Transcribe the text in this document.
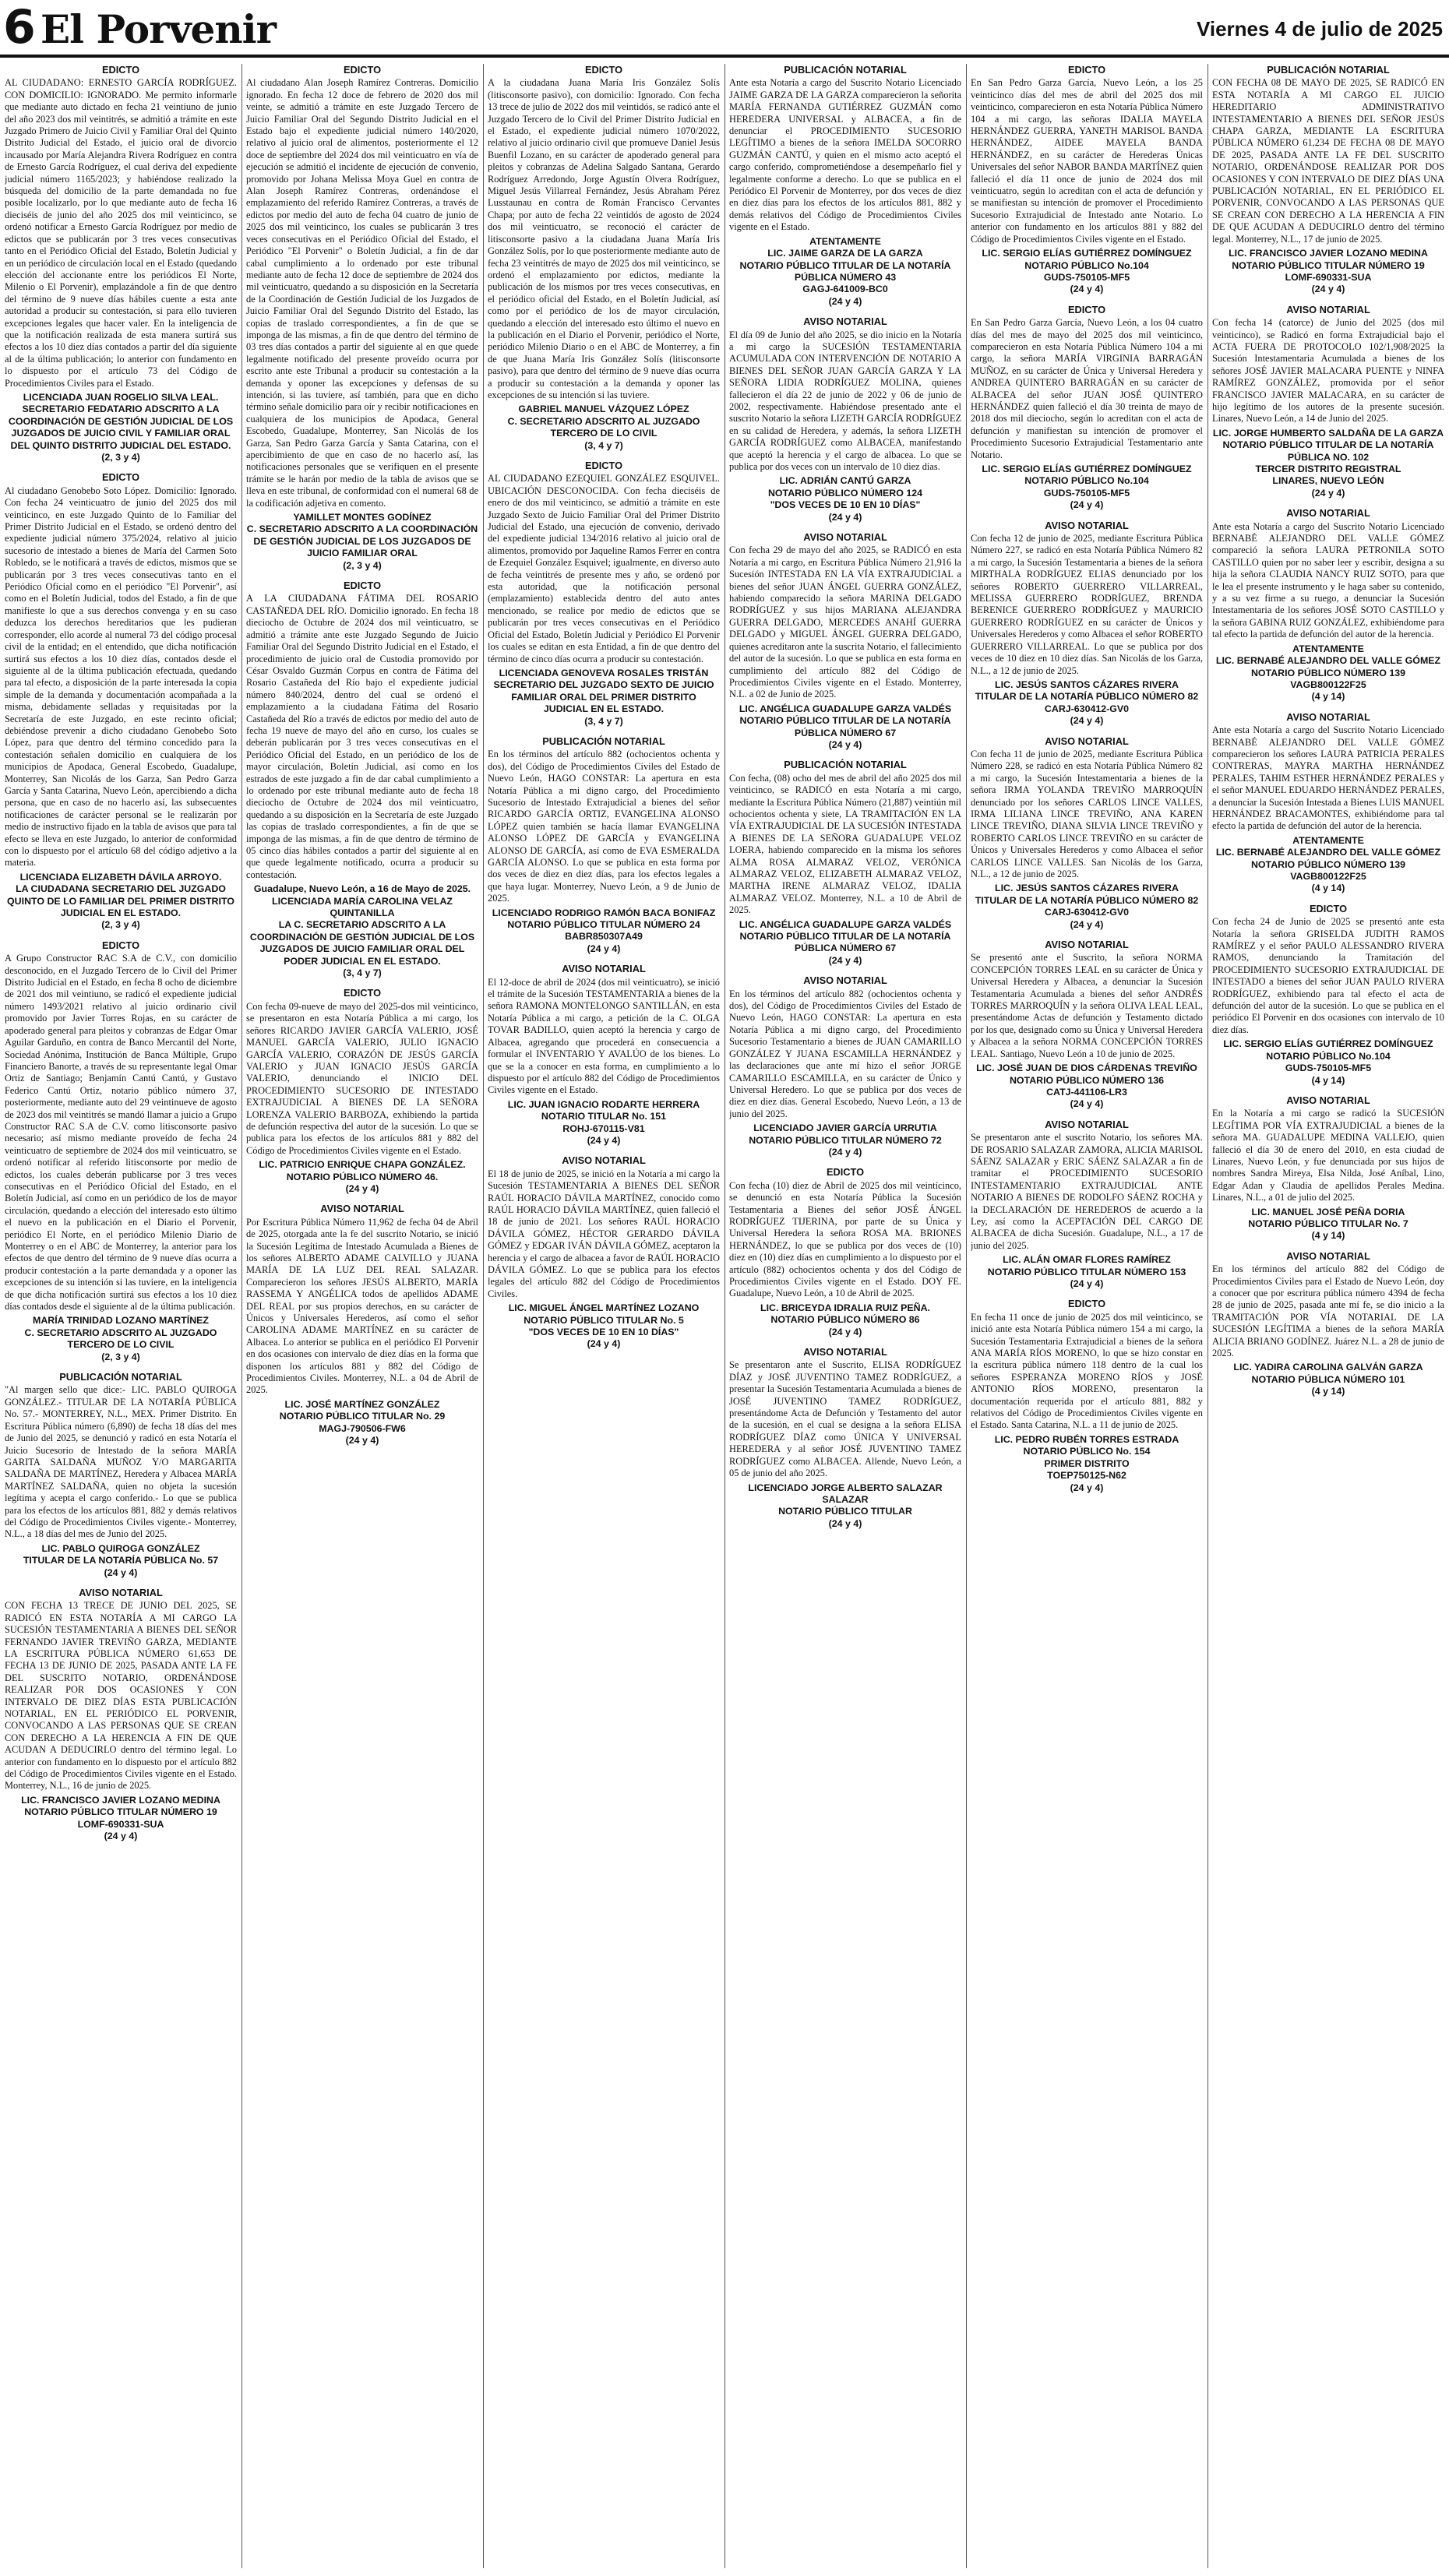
6 El Porvenir	Viernes 4 de julio de 2025

EDICTO

AL CIUDADANO: ERNESTO GARCÍA RODRÍGUEZ. CON DOMICILIO: IGNORADO. Me permito informarle que mediante auto dictado en fecha 21 veintiuno de junio del año 2023 dos mil veintitrés, se admitió a trámite en este Juzgado Primero de Juicio Civil y Familiar Oral del Quinto Distrito Judicial del Estado, el juicio oral de divorcio incausado por María Alejandra Rivera Rodríguez en contra de Ernesto García Rodríguez, el cual deriva del expediente judicial número 1165/2023; y habiéndose realizado la búsqueda del domicilio de la parte demandada no fue posible localizarlo, por lo que mediante auto de fecha 16 dieciséis de junio del año 2025 dos mil veinticinco, se ordenó notificar a Ernesto García Rodríguez por medio de edictos que se publicarán por 3 tres veces consecutivas tanto en el Periódico Oficial del Estado, Boletín Judicial y en un periódico de circulación local en el Estado (quedando elección del accionante entre los periódicos El Norte, Milenio o El Porvenir), emplazándole a fin de que dentro del término de 9 nueve días hábiles cuente a esta ante autoridad a producir su contestación, si para ello tuvieren excepciones legales que hacer valer. En la inteligencia de que la notificación realizada de esta manera surtirá sus efectos a los 10 diez días contados a partir del día siguiente al de la última publicación; lo anterior con fundamento en lo dispuesto por el artículo 73 del Código de Procedimientos Civiles para el Estado.

LICENCIADA JUAN ROGELIO SILVA LEAL.
SECRETARIO FEDATARIO ADSCRITO A LA COORDINACIÓN DE GESTIÓN JUDICIAL DE LOS JUZGADOS DE JUICIO CIVIL Y FAMILIAR ORAL DEL QUINTO DISTRITO JUDICIAL DEL ESTADO.
(2, 3 y 4)

EDICTO

Al ciudadano Genobebo Soto López. Domicilio: Ignorado. Con fecha 24 veinticuatro de junio del 2025 dos mil veinticinco, en este Juzgado Quinto de lo Familiar del Primer Distrito Judicial en el Estado, se ordenó dentro del expediente judicial número 375/2024, relativo al juicio sucesorio de intestado a bienes de María del Carmen Soto Robledo, se le notificará a través de edictos, mismos que se publicarán por 3 tres veces consecutivas tanto en el Periódico Oficial como en el periódico "El Porvenir", así como en el Boletín Judicial, todos del Estado, a fin de que manifieste lo que a sus derechos convenga y en su caso deduzca los derechos hereditarios que les pudieran corresponder, ello acorde al numeral 73 del código procesal civil de la entidad; en el entendido, que dicha notificación surtirá sus efectos a los 10 diez días, contados desde el siguiente al de la última publicación efectuada, quedando para tal efecto, a disposición de la parte interesada la copia simple de la demanda y documentación acompañada a la misma, debidamente selladas y requisitadas por la Secretaría de este Juzgado, en este recinto oficial; debiéndose prevenir a dicho ciudadano Genobebo Soto López, para que dentro del término concedido para la contestación señalen domicilio en cualquiera de los municipios de Apodaca, General Escobedo, Guadalupe, Monterrey, San Nicolás de los Garza, San Pedro Garza García y Santa Catarina, Nuevo León, apercibiendo a dicha persona, que en caso de no hacerlo así, las subsecuentes notificaciones de carácter personal se le realizarán por medio de instructivo fijado en la tabla de avisos que para tal efecto se lleva en este Juzgado, lo anterior de conformidad con lo dispuesto por el artículo 68 del código adjetivo a la materia.

LICENCIADA ELIZABETH DÁVILA ARROYO.
LA CIUDADANA SECRETARIO DEL JUZGADO QUINTO DE LO FAMILIAR DEL PRIMER DISTRITO JUDICIAL EN EL ESTADO.
(2, 3 y 4)

EDICTO

A Grupo Constructor RAC S.A de C.V., con domicilio desconocido, en el Juzgado Tercero de lo Civil del Primer Distrito Judicial en el Estado, en fecha 8 ocho de diciembre de 2021 dos mil veintiuno, se radicó el expediente judicial número 1493/2021 relativo al juicio ordinario civil promovido por Javier Torres Rojas, en su carácter de apoderado general para pleitos y cobranzas de Edgar Omar Aguilar Garduño, en contra de Banco Mercantil del Norte, Sociedad Anónima, Institución de Banca Múltiple, Grupo Financiero Banorte, a través de su representante legal Omar Ortiz de Santiago; Benjamín Cantú Cantú, y Gustavo Federico Cantú Ortiz, notario público número 37, posteriormente, mediante auto del 29 veintinueve de agosto de 2023 dos mil veintitrés se mandó llamar a juicio a Grupo Constructor RAC S.A de C.V. como litisconsorte pasivo necesario; así mismo mediante proveído de fecha 24 veinticuatro de septiembre de 2024 dos mil veinticuatro, se ordenó notificar al referido litisconsorte por medio de edictos, los cuales deberán publicarse por 3 tres veces consecutivas en el Periódico Oficial del Estado, en el Boletín Judicial, así como en un periódico de los de mayor circulación, quedando a elección del interesado esto último el nuevo en la publicación en el Diario el Porvenir, periódico El Norte, en el periódico Milenio Diario de Monterrey o en el ABC de Monterrey, la anterior para los efectos de que dentro del término de 9 nueve días ocurra a producir contestación a la parte demandada y a oponer las excepciones de su intención si las tuviere, en la inteligencia de que dicha notificación surtirá sus efectos a los 10 diez días contados desde el siguiente al de la última publicación.

MARÍA TRINIDAD LOZANO MARTÍNEZ
C. SECRETARIO ADSCRITO AL JUZGADO TERCERO DE LO CIVIL
(2, 3 y 4)

PUBLICACIÓN NOTARIAL

"Al margen sello que dice:- LIC. PABLO QUIROGA GONZÁLEZ.- TITULAR DE LA NOTARÍA PÚBLICA No. 57.- MONTERREY, N.L., MEX. Primer Distrito. En Escritura Pública número (6,890) de fecha 18 días del mes de Junio del 2025, se denunció y radicó en esta Notaría el Juicio Sucesorio de Intestado de la señora MARÍA GARITA SALDAÑA MUÑOZ Y/O MARGARITA SALDAÑA DE MARTÍNEZ, Heredera y Albacea MARÍA MARTÍNEZ SALDAÑA, quien no objeta la sucesión legítima y acepta el cargo conferido.- Lo que se publica para los efectos de los artículos 881, 882 y demás relativos del Código de Procedimientos Civiles vigente.- Monterrey, N.L., a 18 días del mes de Junio del 2025.

LIC. PABLO QUIROGA GONZÁLEZ
TITULAR DE LA NOTARÍA PÚBLICA No. 57
(24 y 4)

AVISO NOTARIAL

CON FECHA 13 TRECE DE JUNIO DEL 2025, SE RADICÓ EN ESTA NOTARÍA A MI CARGO LA SUCESIÓN TESTAMENTARIA A BIENES DEL SEÑOR FERNANDO JAVIER TREVIÑO GARZA, MEDIANTE LA ESCRITURA PÚBLICA NÚMERO 61,653 DE FECHA 13 DE JUNIO DE 2025, PASADA ANTE LA FE DEL SUSCRITO NOTARIO, ORDENÁNDOSE REALIZAR POR DOS OCASIONES Y CON INTERVALO DE DIEZ DÍAS ESTA PUBLICACIÓN NOTARIAL, EN EL PERIÓDICO EL PORVENIR, CONVOCANDO A LAS PERSONAS QUE SE CREAN CON DERECHO A LA HERENCIA A FIN DE QUE ACUDAN A DEDUCIRLO dentro del término legal. Lo anterior con fundamento en lo dispuesto por el artículo 882 del Código de Procedimientos Civiles vigente en el Estado. Monterrey, N.L., 16 de junio de 2025.

LIC. FRANCISCO JAVIER LOZANO MEDINA
NOTARIO PÚBLICO TITULAR NÚMERO 19
LOMF-690331-SUA
(24 y 4)

EDICTO

Al ciudadano Alan Joseph Ramírez Contreras. Domicilio ignorado. En fecha 12 doce de febrero de 2020 dos mil veinte, se admitió a trámite en este Juzgado Tercero de Juicio Familiar Oral del Segundo Distrito Judicial en el Estado bajo el expediente judicial número 140/2020, relativo al juicio oral de alimentos, posteriormente el 12 doce de septiembre del 2024 dos mil veinticuatro en vía de ejecución se admitió el incidente de ejecución de convenio, promovido por Johana Melissa Moya Guel en contra de Alan Joseph Ramírez Contreras, ordenándose el emplazamiento del referido Ramírez Contreras, a través de edictos por medio del auto de fecha 04 cuatro de junio de 2025 dos mil veinticinco, los cuales se publicarán 3 tres veces consecutivas en el Periódico Oficial del Estado, el Periódico "El Porvenir" o Boletín Judicial, a fin de dar cabal cumplimiento a lo ordenado por este tribunal mediante auto de fecha 12 doce de septiembre de 2024 dos mil veinticuatro, quedando a su disposición en la Secretaría de la Coordinación de Gestión Judicial de los Juzgados de Juicio Familiar Oral del Segundo Distrito del Estado, las copias de traslado correspondientes, a fin de que se imponga de las mismas, a fin de que dentro del término de 03 tres días contados a partir del siguiente al en que quede legalmente notificado del presente proveído ocurra por escrito ante este Tribunal a producir su contestación a la demanda y oponer las excepciones y defensas de su intención, si las tuviere, así también, para que en dicho término señale domicilio para oír y recibir notificaciones en cualquiera de los municipios de Apodaca, General Escobedo, Guadalupe, Monterrey, San Nicolás de los Garza, San Pedro Garza García y Santa Catarina, con el apercibimiento de que en caso de no hacerlo así, las notificaciones personales que se verifiquen en el presente trámite se le harán por medio de la tabla de avisos que se lleva en este tribunal, de conformidad con el numeral 68 de la codificación adjetiva en comento.

YAMILLET MONTES GODÍNEZ
C. SECRETARIO ADSCRITO A LA COORDINACIÓN DE GESTIÓN JUDICIAL DE LOS JUZGADOS DE JUICIO FAMILIAR ORAL
(2, 3 y 4)

EDICTO

A LA CIUDADANA FÁTIMA DEL ROSARIO CASTAÑEDA DEL RÍO. Domicilio ignorado. En fecha 18 dieciocho de Octubre de 2024 dos mil veinticuatro, se admitió a trámite ante este Juzgado Segundo de Juicio Familiar Oral del Segundo Distrito Judicial en el Estado, el procedimiento de juicio oral de Custodia promovido por César Osvaldo Guzmán Corpus en contra de Fátima del Rosario Castañeda del Río bajo el expediente judicial número 840/2024, dentro del cual se ordenó el emplazamiento a la ciudadana Fátima del Rosario Castañeda del Río a través de edictos por medio del auto de fecha 19 nueve de mayo del año en curso, los cuales se deberán publicarán por 3 tres veces consecutivas en el Periódico Oficial del Estado, en un periódico de los de mayor circulación, Boletín Judicial, así como en los estrados de este juzgado a fin de dar cabal cumplimiento a lo ordenado por este tribunal mediante auto de fecha 18 dieciocho de Octubre de 2024 dos mil veinticuatro, quedando a su disposición en la Secretaría de este Juzgado las copias de traslado correspondientes, a fin de que se imponga de las mismas, a fin de que dentro de término de 05 cinco días hábiles contados a partir del siguiente al en que quede legalmente notificado, ocurra a producir su contestación.

Guadalupe, Nuevo León, a 16 de Mayo de 2025.
LICENCIADA MARÍA CAROLINA VELAZ QUINTANILLA
LA C. SECRETARIO ADSCRITO A LA COORDINACIÓN DE GESTIÓN JUDICIAL DE LOS JUZGADOS DE JUICIO FAMILIAR ORAL DEL PODER JUDICIAL EN EL ESTADO.
(3, 4 y 7)

EDICTO

Con fecha 09-nueve de mayo del 2025-dos mil veinticinco, se presentaron en esta Notaría Pública a mi cargo, los señores RICARDO JAVIER GARCÍA VALERIO, JOSÉ MANUEL GARCÍA VALERIO, JULIO IGNACIO GARCÍA VALERIO, CORAZÓN DE JESÚS GARCÍA VALERIO y JUAN IGNACIO JESÚS GARCÍA VALERIO, denunciando el INICIO DEL PROCEDIMIENTO SUCESORIO DE INTESTADO EXTRAJUDICIAL A BIENES DE LA SEÑORA LORENZA VALERIO BARBOZA, exhibiendo la partida de defunción respectiva del autor de la sucesión. Lo que se publica para los efectos de los artículos 881 y 882 del Código de Procedimientos Civiles vigente en el Estado.

LIC. PATRICIO ENRIQUE CHAPA GONZÁLEZ.
NOTARIO PÚBLICO NÚMERO 46.
(24 y 4)

AVISO NOTARIAL

Por Escritura Pública Número 11,962 de fecha 04 de Abril de 2025, otorgada ante la fe del suscrito Notario, se inició la Sucesión Legítima de Intestado Acumulada a Bienes de los señores ALBERTO ADAME CALVILLO y JUANA MARÍA DE LA LUZ DEL REAL SALAZAR. Comparecieron los señores JESÚS ALBERTO, MARÍA RASSEMA Y ANGÉLICA todos de apellidos ADAME DEL REAL por sus propios derechos, en su carácter de Únicos y Universales Herederos, así como el señor CAROLINA ADAME MARTÍNEZ en su carácter de Albacea. Lo anterior se publica en el periódico El Porvenir en dos ocasiones con intervalo de diez días en la forma que disponen los artículos 881 y 882 del Código de Procedimientos Civiles. Monterrey, N.L. a 04 de Abril de 2025.

LIC. JOSÉ MARTÍNEZ GONZÁLEZ
NOTARIO PÚBLICO TITULAR No. 29
MAGJ-790506-FW6
(24 y 4)

EDICTO

A la ciudadana Juana María Iris González Solís (litisconsorte pasivo), con domicilio: Ignorado. Con fecha 13 trece de julio de 2022 dos mil veintidós, se radicó ante el Juzgado Tercero de lo Civil del Primer Distrito Judicial en el Estado, el expediente judicial número 1070/2022, relativo al juicio ordinario civil que promueve Daniel Jesús Buenfil Lozano, en su carácter de apoderado general para pleitos y cobranzas de Adelina Salgado Santana, Gerardo Rodríguez Arredondo, Jorge Agustín Olvera Rodríguez, Miguel Jesús Villarreal Fernández, Jesús Abraham Pérez Lusstaunau en contra de Román Francisco Cervantes Chapa; por auto de fecha 22 veintidós de agosto de 2024 dos mil veinticuatro, se reconoció el carácter de litisconsorte pasivo a la ciudadana Juana María Iris González Solís, por lo que posteriormente mediante auto de fecha 23 veintitrés de mayo de 2025 dos mil veinticinco, se ordenó el emplazamiento por edictos, mediante la publicación de los mismos por tres veces consecutivas, en el periódico oficial del Estado, en el Boletín Judicial, así como por el periódico de los de mayor circulación, quedando a elección del interesado esto último el nuevo en la publicación en el Diario el Porvenir, periódico el Norte, periódico Milenio Diario o en el ABC de Monterrey, a fin de que Juana María Iris González Solís (litisconsorte pasivo), para que dentro del término de 9 nueve días ocurra a producir su contestación a la demanda y oponer las excepciones de su intención si las tuviere.

GABRIEL MANUEL VÁZQUEZ LÓPEZ
C. SECRETARIO ADSCRITO AL JUZGADO TERCERO DE LO CIVIL
(3, 4 y 7)

EDICTO

AL CIUDADANO EZEQUIEL GONZÁLEZ ESQUIVEL. UBICACIÓN DESCONOCIDA. Con fecha dieciséis de enero de dos mil veinticinco, se admitió a trámite en este Juzgado Sexto de Juicio Familiar Oral del Primer Distrito Judicial del Estado, una ejecución de convenio, derivado del expediente judicial 134/2016 relativo al juicio oral de alimentos, promovido por Jaqueline Ramos Ferrer en contra de Ezequiel González Esquivel; igualmente, en diverso auto de fecha veintitrés de presente mes y año, se ordenó por esta autoridad, que la notificación personal (emplazamiento) establecida dentro del auto antes mencionado, se realice por medio de edictos que se publicarán por tres veces consecutivas en el Periódico Oficial del Estado, Boletín Judicial y Periódico El Porvenir los cuales se editan en esta Entidad, a fin de que dentro del término de cinco días ocurra a producir su contestación.

LICENCIADA GENOVEVA ROSALES TRISTÁN
SECRETARIO DEL JUZGADO SEXTO DE JUICIO FAMILIAR ORAL DEL PRIMER DISTRITO JUDICIAL EN EL ESTADO.
(3, 4 y 7)

PUBLICACIÓN NOTARIAL

En los términos del artículo 882 (ochocientos ochenta y dos), del Código de Procedimientos Civiles del Estado de Nuevo León, HAGO CONSTAR: La apertura en esta Notaría Pública a mi digno cargo, del Procedimiento Sucesorio de Intestado Extrajudicial a bienes del señor RICARDO GARCÍA ORTIZ, EVANGELINA ALONSO LÓPEZ quien también se hacía llamar EVANGELINA ALONSO LÓPEZ DE GARCÍA y EVANGELINA ALONSO DE GARCÍA, así como de EVA ESMERALDA GARCÍA ALONSO. Lo que se publica en esta forma por dos veces de diez en diez días, para los efectos legales a que haya lugar. Monterrey, Nuevo León, a 9 de Junio de 2025.

LICENCIADO RODRIGO RAMÓN BACA BONIFAZ
NOTARIO PÚBLICO TITULAR NÚMERO 24
BABR850307A49
(24 y 4)

AVISO NOTARIAL

El 12-doce de abril de 2024 (dos mil veinticuatro), se inició el trámite de la Sucesión TESTAMENTARIA a bienes de la señora RAMONA MONTELONGO SANTILLÁN, en esta Notaría Pública a mi cargo, a petición de la C. OLGA TOVAR BADILLO, quien aceptó la herencia y cargo de Albacea, agregando que procederá en consecuencia a formular el INVENTARIO Y AVALÚO de los bienes. Lo que se la a conocer en esta forma, en cumplimiento a lo dispuesto por el artículo 882 del Código de Procedimientos Civiles vigente en el Estado.

LIC. JUAN IGNACIO RODARTE HERRERA
NOTARIO TITULAR No. 151
ROHJ-670115-V81
(24 y 4)

AVISO NOTARIAL

El 18 de junio de 2025, se inició en la Notaría a mi cargo la Sucesión TESTAMENTARIA A BIENES DEL SEÑOR RAÚL HORACIO DÁVILA MARTÍNEZ, conocido como RAÚL HORACIO DÁVILA MARTÍNEZ, quien falleció el 18 de junio de 2021. Los señores RAÚL HORACIO DÁVILA GÓMEZ, HÉCTOR GERARDO DÁVILA GÓMEZ y EDGAR IVÁN DÁVILA GÓMEZ, aceptaron la herencia y el cargo de albacea a favor de RAÚL HORACIO DÁVILA GÓMEZ. Lo que se publica para los efectos legales del artículo 882 del Código de Procedimientos Civiles.

LIC. MIGUEL ÁNGEL MARTÍNEZ LOZANO
NOTARIO PÚBLICO TITULAR No. 5
"DOS VECES DE 10 EN 10 DÍAS"
(24 y 4)

PUBLICACIÓN NOTARIAL

Ante esta Notaría a cargo del Suscrito Notario Licenciado JAIME GARZA DE LA GARZA comparecieron la señorita MARÍA FERNANDA GUTIÉRREZ GUZMÁN como HEREDERA UNIVERSAL y ALBACEA, a fin de denunciar el PROCEDIMIENTO SUCESORIO LEGÍTIMO a bienes de la señora IMELDA SOCORRO GUZMÁN CANTÚ, y quien en el mismo acto aceptó el cargo conferido, comprometiéndose a desempeñarlo fiel y legalmente conforme a derecho. Lo que se publica en el Periódico El Porvenir de Monterrey, por dos veces de diez en diez días para los efectos de los artículos 881, 882 y demás relativos del Código de Procedimientos Civiles vigente en el Estado.

ATENTAMENTE
LIC. JAIME GARZA DE LA GARZA
NOTARIO PÚBLICO TITULAR DE LA NOTARÍA PÚBLICA NÚMERO 43
GAGJ-641009-BC0
(24 y 4)

AVISO NOTARIAL

El día 09 de Junio del año 2025, se dio inicio en la Notaría a mi cargo la SUCESIÓN TESTAMENTARIA ACUMULADA CON INTERVENCIÓN DE NOTARIO A BIENES DEL SEÑOR JUAN GARCÍA GARZA Y LA SEÑORA LIDIA RODRÍGUEZ MOLINA, quienes fallecieron el día 22 de junio de 2022 y 06 de junio de 2002, respectivamente. Habiéndose presentado ante el suscrito Notario la señora LIZETH GARCÍA RODRÍGUEZ en su calidad de Heredera, y además, la señora LIZETH GARCÍA RODRÍGUEZ como ALBACEA, manifestando que aceptó la herencia y el cargo de albacea. Lo que se publica por dos veces con un intervalo de 10 diez días.

LIC. ADRIÁN CANTÚ GARZA
NOTARIO PÚBLICO NÚMERO 124
"DOS VECES DE 10 EN 10 DÍAS"
(24 y 4)

AVISO NOTARIAL

Con fecha 29 de mayo del año 2025, se RADICÓ en esta Notaría a mi cargo, en Escritura Pública Número 21,916 la Sucesión INTESTADA EN LA VÍA EXTRAJUDICIAL a bienes del señor JUAN ÁNGEL GUERRA GONZÁLEZ, habiendo comparecido la señora MARINA DELGADO RODRÍGUEZ y sus hijos MARIANA ALEJANDRA GUERRA DELGADO, MERCEDES ANAHÍ GUERRA DELGADO y MIGUEL ÁNGEL GUERRA DELGADO, quienes acreditaron ante la suscrita Notario, el fallecimiento del autor de la sucesión. Lo que se publica en esta forma en cumplimiento del artículo 882 del Código de Procedimientos Civiles vigente en el Estado. Monterrey, N.L. a 02 de Junio de 2025.

LIC. ANGÉLICA GUADALUPE GARZA VALDÉS
NOTARIO PÚBLICO TITULAR DE LA NOTARÍA PÚBLICA NÚMERO 67
(24 y 4)

PUBLICACIÓN NOTARIAL

Con fecha, (08) ocho del mes de abril del año 2025 dos mil veinticinco, se RADICÓ en esta Notaría a mi cargo, mediante la Escritura Pública Número (21,887) veintiún mil ochocientos ochenta y siete, LA TRAMITACIÓN EN LA VÍA EXTRAJUDICIAL DE LA SUCESIÓN INTESTADA A BIENES DE LA SEÑORA GUADALUPE VELOZ LOERA, habiendo comparecido en la misma los señores ALMA ROSA ALMARAZ VELOZ, VERÓNICA ALMARAZ VELOZ, ELIZABETH ALMARAZ VELOZ, MARTHA IRENE ALMARAZ VELOZ, IDALIA ALMARAZ VELOZ. Monterrey, N.L. a 10 de Abril de 2025.

LIC. ANGÉLICA GUADALUPE GARZA VALDÉS
NOTARIO PÚBLICO TITULAR DE LA NOTARÍA PÚBLICA NÚMERO 67
(24 y 4)

AVISO NOTARIAL

En los términos del artículo 882 (ochocientos ochenta y dos), del Código de Procedimientos Civiles del Estado de Nuevo León, HAGO CONSTAR: La apertura en esta Notaría Pública a mi digno cargo, del Procedimiento Sucesorio Testamentario a bienes de JUAN CAMARILLO GONZÁLEZ Y JUANA ESCAMILLA HERNÁNDEZ y las declaraciones que ante mí hizo el señor JORGE CAMARILLO ESCAMILLA, en su carácter de Único y Universal Heredero. Lo que se publica por dos veces de diez en diez días. General Escobedo, Nuevo León, a 13 de junio del 2025.

LICENCIADO JAVIER GARCÍA URRUTIA
NOTARIO PÚBLICO TITULAR NÚMERO 72
(24 y 4)

EDICTO

Con fecha (10) diez de Abril de 2025 dos mil veintícinco, se denunció en esta Notaría Pública la Sucesión Testamentaria a Bienes del señor JOSÉ ÁNGEL RODRÍGUEZ TIJERINA, por parte de su Única y Universal Heredera la señora ROSA MA. BRIONES HERNÁNDEZ, lo que se publica por dos veces de (10) diez en (10) diez días en cumplimiento a lo dispuesto por el artículo (882) ochocientos ochenta y dos del Código de Procedimientos Civiles vigente en el Estado. DOY FE. Guadalupe, Nuevo León, a 10 de Abril de 2025.

LIC. BRICEYDA IDRALIA RUIZ PEÑA.
NOTARIO PÚBLICO NÚMERO 86
(24 y 4)

AVISO NOTARIAL

Se presentaron ante el Suscrito, ELISA RODRÍGUEZ DÍAZ y JOSÉ JUVENTINO TAMEZ RODRÍGUEZ, a presentar la Sucesión Testamentaria Acumulada a bienes de JOSÉ JUVENTINO TAMEZ RODRÍGUEZ, presentándome Acta de Defunción y Testamento del autor de la sucesión, en el cual se designa a la señora ELISA RODRÍGUEZ DÍAZ como ÚNICA Y UNIVERSAL HEREDERA y al señor JOSÉ JUVENTINO TAMEZ RODRÍGUEZ como ALBACEA. Allende, Nuevo León, a 05 de junio del año 2025.

LICENCIADO JORGE ALBERTO SALAZAR SALAZAR
NOTARIO PÚBLICO TITULAR
(24 y 4)

EDICTO

En San Pedro Garza García, Nuevo León, a los 25 veinticinco días del mes de abril del 2025 dos mil veinticinco, comparecieron en esta Notaría Pública Número 104 a mi cargo, las señoras IDALIA MAYELA HERNÁNDEZ GUERRA, YANETH MARISOL BANDA HERNÁNDEZ, AIDEE MAYELA BANDA HERNÁNDEZ, en su carácter de Herederas Únicas Universales del señor NABOR BANDA MARTÍNEZ quien falleció el día 11 once de junio de 2024 dos mil veinticuatro, según lo acreditan con el acta de defunción y se manifiestan su intención de promover el Procedimiento Sucesorio Extrajudicial de Intestado ante Notario. Lo anterior con fundamento en los artículos 881 y 882 del Código de Procedimientos Civiles vigente en el Estado.

LIC. SERGIO ELÍAS GUTIÉRREZ DOMÍNGUEZ
NOTARIO PÚBLICO No.104
GUDS-750105-MF5
(24 y 4)

EDICTO

En San Pedro Garza García, Nuevo León, a los 04 cuatro días del mes de mayo del 2025 dos mil veinticinco, comparecieron en esta Notaría Pública Número 104 a mi cargo, la señora MARÍA VIRGINIA BARRAGÁN MUÑOZ, en su carácter de Única y Universal Heredera y ANDREA QUINTERO BARRAGÁN en su carácter de ALBACEA del señor JUAN JOSÉ QUINTERO HERNÁNDEZ quien falleció el día 30 treinta de mayo de 2018 dos mil dieciocho, según lo acreditan con el acta de defunción y manifiestan su intención de promover el Procedimiento Sucesorio Extrajudicial Testamentario ante Notario.

LIC. SERGIO ELÍAS GUTIÉRREZ DOMÍNGUEZ
NOTARIO PÚBLICO No.104
GUDS-750105-MF5
(24 y 4)

AVISO NOTARIAL

Con fecha 12 de junio de 2025, mediante Escritura Pública Número 227, se radicó en esta Notaría Pública Número 82 a mi cargo, la Sucesión Testamentaria a bienes de la señora MIRTHALA RODRÍGUEZ ELIAS denunciado por los señores ROBERTO GUERRERO VILLARREAL, MELISSA GUERRERO RODRÍGUEZ, BRENDA BERENICE GUERRERO RODRÍGUEZ y MAURICIO GUERRERO RODRÍGUEZ en su carácter de Únicos y Universales Herederos y como Albacea el señor ROBERTO GUERRERO VILLARREAL. Lo que se publica por dos veces de 10 diez en 10 diez días. San Nicolás de los Garza, N.L., a 12 de junio de 2025.

LIC. JESÚS SANTOS CÁZARES RIVERA
TITULAR DE LA NOTARÍA PÚBLICO NÚMERO 82
CARJ-630412-GV0
(24 y 4)

AVISO NOTARIAL

Con fecha 11 de junio de 2025, mediante Escritura Pública Número 228, se radicó en esta Notaría Pública Número 82 a mi cargo, la Sucesión Intestamentaria a bienes de la señora IRMA YOLANDA TREVIÑO MARROQUÍN denunciado por los señores CARLOS LINCE VALLES, IRMA LILIANA LINCE TREVIÑO, ANA KAREN LINCE TREVIÑO, DIANA SILVIA LINCE TREVIÑO y ROBERTO CARLOS LINCE TREVIÑO en su carácter de Únicos y Universales Herederos y como Albacea el señor CARLOS LINCE VALLES. San Nicolás de los Garza, N.L., a 12 de junio de 2025.

LIC. JESÚS SANTOS CÁZARES RIVERA
TITULAR DE LA NOTARÍA PÚBLICO NÚMERO 82
CARJ-630412-GV0
(24 y 4)

AVISO NOTARIAL

Se presentó ante el Suscrito, la señora NORMA CONCEPCIÓN TORRES LEAL en su carácter de Única y Universal Heredera y Albacea, a denunciar la Sucesión Testamentaria Acumulada a bienes del señor ANDRÉS TORRES MARROQUÍN y la señora OLIVA LEAL LEAL, presentándome Actas de defunción y Testamento dictado por los que, designado como su Única y Universal Heredera y Albacea a la señora NORMA CONCEPCIÓN TORRES LEAL. Santiago, Nuevo León a 10 de junio de 2025.

LIC. JOSÉ JUAN DE DIOS CÁRDENAS TREVIÑO
NOTARIO PÚBLICO NÚMERO 136
CATJ-441106-LR3
(24 y 4)

AVISO NOTARIAL

Se presentaron ante el suscrito Notario, los señores MA. DE ROSARIO SALAZAR ZAMORA, ALICIA MARISOL SÁENZ SALAZAR y ERIC SÁENZ SALAZAR a fin de tramitar el PROCEDIMIENTO SUCESORIO INTESTAMENTARIO EXTRAJUDICIAL ANTE NOTARIO A BIENES DE RODOLFO SÁENZ ROCHA y la DECLARACIÓN DE HEREDEROS de acuerdo a la Ley, así como la ACEPTACIÓN DEL CARGO DE ALBACEA de dicha Sucesión. Guadalupe, N.L., a 17 de junio del 2025.

LIC. ALÁN OMAR FLORES RAMÍREZ
NOTARIO PÚBLICO TITULAR NÚMERO 153
(24 y 4)

EDICTO

En fecha 11 once de junio de 2025 dos mil veinticinco, se inició ante esta Notaría Pública número 154 a mi cargo, la Sucesión Testamentaria Extrajudicial a bienes de la señora ANA MARÍA RÍOS MORENO, lo que se hizo constar en la escritura pública número 118 dentro de la cual los señores ESPERANZA MORENO RÍOS y JOSÉ ANTONIO RÍOS MORENO, presentaron la documentación requerida por el artículo 881, 882 y relativos del Código de Procedimientos Civiles vigente en el Estado. Santa Catarina, N.L. a 11 de junio de 2025.

LIC. PEDRO RUBÉN TORRES ESTRADA
NOTARIO PÚBLICO No. 154
PRIMER DISTRITO
TOEP750125-N62
(24 y 4)

PUBLICACIÓN NOTARIAL

CON FECHA 08 DE MAYO DE 2025, SE RADICÓ EN ESTA NOTARÍA A MI CARGO EL JUICIO HEREDITARIO ADMINISTRATIVO INTESTAMENTARIO A BIENES DEL SEÑOR JESÚS CHAPA GARZA, MEDIANTE LA ESCRITURA PÚBLICA NÚMERO 61,234 DE FECHA 08 DE MAYO DE 2025, PASADA ANTE LA FE DEL SUSCRITO NOTARIO, ORDENÁNDOSE REALIZAR POR DOS OCASIONES Y CON INTERVALO DE DIEZ DÍAS UNA PUBLICACIÓN NOTARIAL, EN EL PERIÓDICO EL PORVENIR, CONVOCANDO A LAS PERSONAS QUE SE CREAN CON DERECHO A LA HERENCIA A FIN DE QUE ACUDAN A DEDUCIRLO dentro del término legal. Monterrey, N.L., 17 de junio de 2025.

LIC. FRANCISCO JAVIER LOZANO MEDINA
NOTARIO PÚBLICO TITULAR NÚMERO 19
LOMF-690331-SUA
(24 y 4)

AVISO NOTARIAL

Con fecha 14 (catorce) de Junio del 2025 (dos mil veinticinco), se Radicó en forma Extrajudicial bajo el ACTA FUERA DE PROTOCOLO 102/1,908/2025 la Sucesión Intestamentaria Acumulada a bienes de los señores JOSÉ JAVIER MALACARA PUENTE y NINFA RAMÍREZ GONZÁLEZ, promovida por el señor FRANCISCO JAVIER MALACARA, en su carácter de hijo legítimo de los autores de la presente sucesión. Linares, Nuevo León, a 14 de Junio del 2025.

LIC. JORGE HUMBERTO SALDAÑA DE LA GARZA
NOTARIO PÚBLICO TITULAR DE LA NOTARÍA PÚBLICA NO. 102
TERCER DISTRITO REGISTRAL
LINARES, NUEVO LEÓN
(24 y 4)

AVISO NOTARIAL

Ante esta Notaría a cargo del Suscrito Notario Licenciado BERNABÉ ALEJANDRO DEL VALLE GÓMEZ compareció la señora LAURA PETRONILA SOTO CASTILLO quien por no saber leer y escribir, designa a su hija la señora CLAUDIA NANCY RUIZ SOTO, para que le lea el presente instrumento y le haga saber su contenido, y a su vez firme a su ruego, a denunciar la Sucesión Intestamentaria de los señores JOSÉ SOTO CASTILLO y la señora GABINA RUIZ GONZÁLEZ, exhibiéndome para tal efecto la partida de defunción del autor de la herencia.

ATENTAMENTE
LIC. BERNABÉ ALEJANDRO DEL VALLE GÓMEZ
NOTARIO PÚBLICO NÚMERO 139
VAGB800122F25
(4 y 14)

AVISO NOTARIAL

Ante esta Notaría a cargo del Suscrito Notario Licenciado BERNABÉ ALEJANDRO DEL VALLE GÓMEZ comparecieron los señores LAURA PATRICIA PERALES CONTRERAS, MAYRA MARTHA HERNÁNDEZ PERALES, TAHIM ESTHER HERNÁNDEZ PERALES y el señor MANUEL EDUARDO HERNÁNDEZ PERALES, a denunciar la Sucesión Intestada a Bienes LUIS MANUEL HERNÁNDEZ BRACAMONTES, exhibiéndome para tal efecto la partida de defunción del autor de la herencia.

ATENTAMENTE
LIC. BERNABÉ ALEJANDRO DEL VALLE GÓMEZ
NOTARIO PÚBLICO NÚMERO 139
VAGB800122F25
(4 y 14)

EDICTO

Con fecha 24 de Junio de 2025 se presentó ante esta Notaría la señora GRISELDA JUDITH RAMOS RAMÍREZ y el señor PAULO ALESSANDRO RIVERA RAMOS, denunciando la Tramitación del PROCEDIMIENTO SUCESORIO EXTRAJUDICIAL DE INTESTADO a bienes del señor JUAN PAULO RIVERA RODRÍGUEZ, exhibiendo para tal efecto el acta de defunción del autor de la sucesión. Lo que se publica en el periódico El Porvenir en dos ocasiones con intervalo de 10 diez días.

LIC. SERGIO ELÍAS GUTIÉRREZ DOMÍNGUEZ
NOTARIO PÚBLICO No.104
GUDS-750105-MF5
(4 y 14)

AVISO NOTARIAL

En la Notaría a mi cargo se radicó la SUCESIÓN LEGÍTIMA POR VÍA EXTRAJUDICIAL a bienes de la señora MA. GUADALUPE MEDINA VALLEJO, quien falleció el día 30 de enero del 2010, en esta ciudad de Linares, Nuevo León, y fue denunciada por sus hijos de nombres Sandra Mireya, Elsa Nilda, José Aníbal, Lino, Edgar Adan y Claudia de apellidos Perales Medina. Linares, N.L., a 01 de julio del 2025.

LIC. MANUEL JOSÉ PEÑA DORIA
NOTARIO PÚBLICO TITULAR No. 7
(4 y 14)

AVISO NOTARIAL

En los términos del artículo 882 del Código de Procedimientos Civiles para el Estado de Nuevo León, doy a conocer que por escritura pública número 4394 de fecha 28 de junio de 2025, pasada ante mí fe, se dio inicio a la TRAMITACIÓN POR VÍA NOTARIAL DE LA SUCESIÓN LEGÍTIMA a bienes de la señora MARÍA ALICIA BRIANO GODÍNEZ. Juárez N.L. a 28 de junio de 2025.

LIC. YADIRA CAROLINA GALVÁN GARZA
NOTARIO PÚBLICA NÚMERO 101
(4 y 14)
